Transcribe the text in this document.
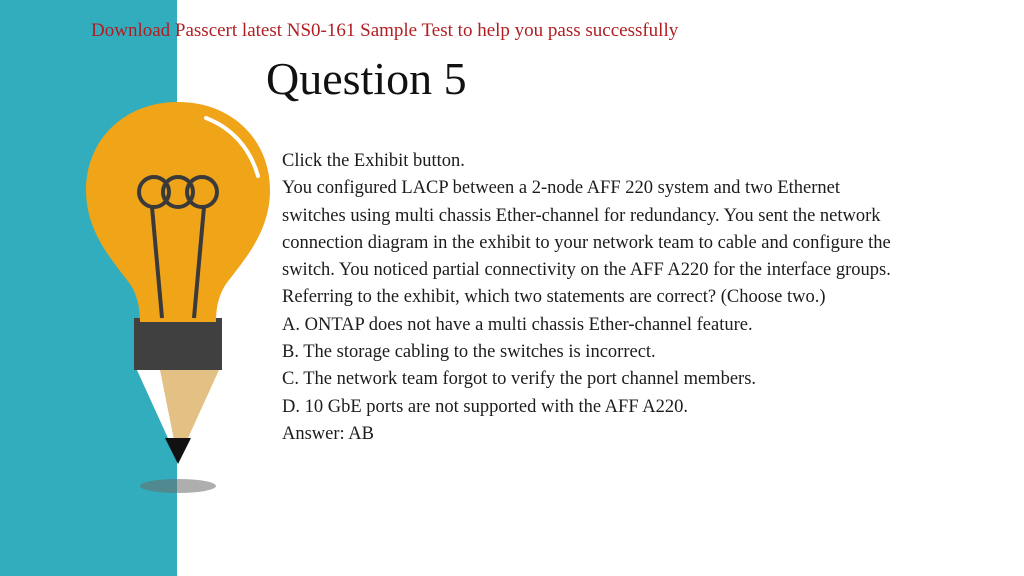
Download Passcert latest NS0-161 Sample Test to help you pass successfully
Question 5
Click the Exhibit button.
You configured LACP between a 2-node AFF 220 system and two Ethernet
switches using multi chassis Ether-channel for redundancy. You sent the network
connection diagram in the exhibit to your network team to cable and configure the
switch. You noticed partial connectivity on the AFF A220 for the interface groups.
Referring to the exhibit, which two statements are correct? (Choose two.)
A. ONTAP does not have a multi chassis Ether-channel feature.
B. The storage cabling to the switches is incorrect.
C. The network team forgot to verify the port channel members.
D. 10 GbE ports are not supported with the AFF A220.
Answer: AB
